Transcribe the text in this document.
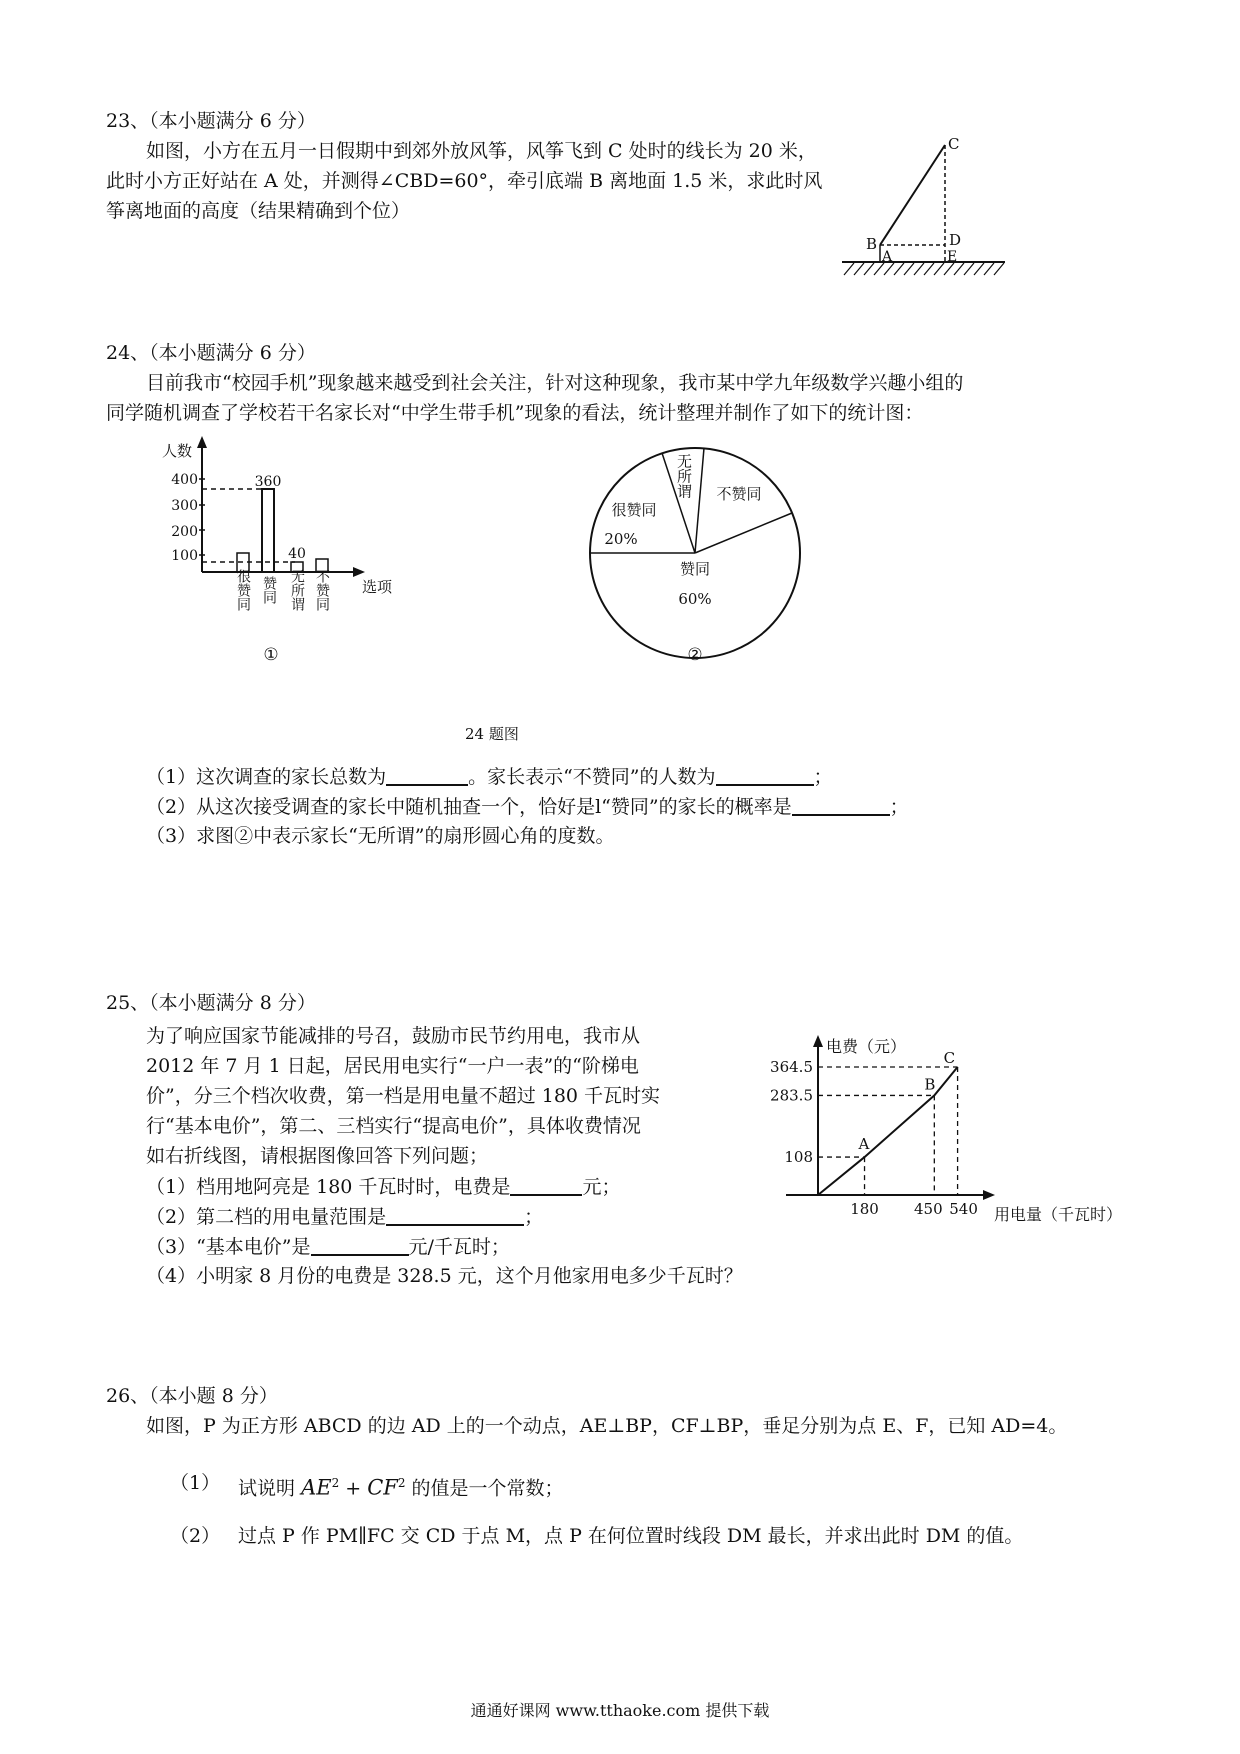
23、（本小题满分 6 分）
如图，小方在五月一日假期中到郊外放风筝，风筝飞到 C 处时的线长为 20 米，
此时小方正好站在 A 处，并测得∠CBD=60°，牵引底端 B 离地面 1.5 米，求此时风
筝离地面的高度（结果精确到个位）
C
B	D
A	E
24、（本小题满分 6 分）
目前我市“校园手机”现象越来越受到社会关注，针对这种现象，我市某中学九年级数学兴趣小组的
同学随机调查了学校若干名家长对“中学生带手机”现象的看法，统计整理并制作了如下的统计图：
人数
选项
400
300
200
100
360
40
很赞同 赞同 无所谓 不赞同
①
无所谓 不赞同
很赞同
20%
赞同
60%
②
24 题图
（1）这次调查的家长总数为	。家长表示“不赞同”的人数为	；
（2）从这次接受调查的家长中随机抽查一个，恰好是l“赞同”的家长的概率是	；
（3）求图②中表示家长“无所谓”的扇形圆心角的度数。
25、（本小题满分 8 分）
为了响应国家节能减排的号召，鼓励市民节约用电，我市从
2012 年 7 月 1 日起，居民用电实行“一户一表”的“阶梯电
价”，分三个档次收费，第一档是用电量不超过 180 千瓦时实
行“基本电价”，第二、三档实行“提高电价”，具体收费情况
如右折线图，请根据图像回答下列问题；
（1）档用地阿亮是 180 千瓦时时，电费是	元；
（2）第二档的用电量范围是	；
（3）“基本电价”是	元/千瓦时；
（4）小明家 8 月份的电费是 328.5 元，这个月他家用电多少千瓦时？
电费（元）
用电量（千瓦时）
364.5
283.5
108
180 450 540
A
B
C
26、（本小题 8 分）
如图，P 为正方形 ABCD 的边 AD 上的一个动点，AE⊥BP，CF⊥BP，垂足分别为点 E、F，已知 AD=4。
（1） 试说明 $AE^2 + CF^2$ 的值是一个常数；
（2） 过点 P 作 PM∥FC 交 CD 于点 M，点 P 在何位置时线段 DM 最长，并求出此时 DM 的值。
通通好课网 www.tthaoke.com 提供下载
